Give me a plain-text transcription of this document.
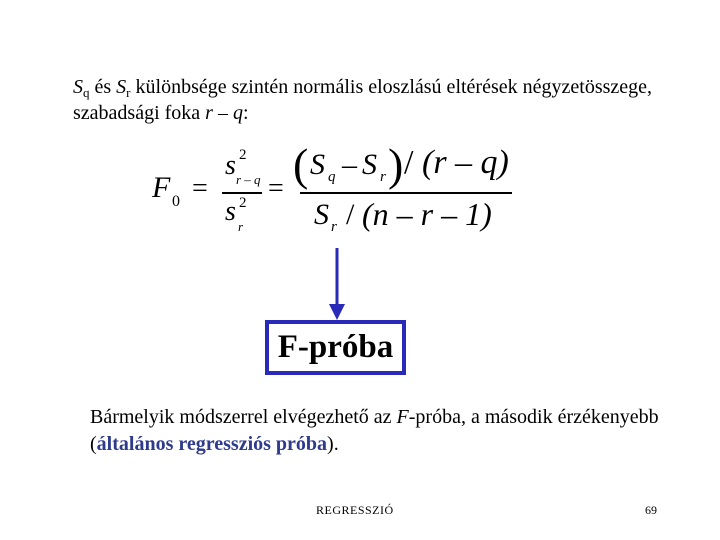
$S_q$ és $S_r$ különbsége szintén normális eloszlású eltérések négyzetösszege, szabadsági foka r – q:
F 0 =
s 2
r – q
s 2
r
= ( S q – S r ) / (r – q)
S r / (n – r – 1)
F-próba
Bármelyik módszerrel elvégezhető az F-próba, a második érzékenyebb (általános regressziós próba).
REGRESSZIÓ	69
